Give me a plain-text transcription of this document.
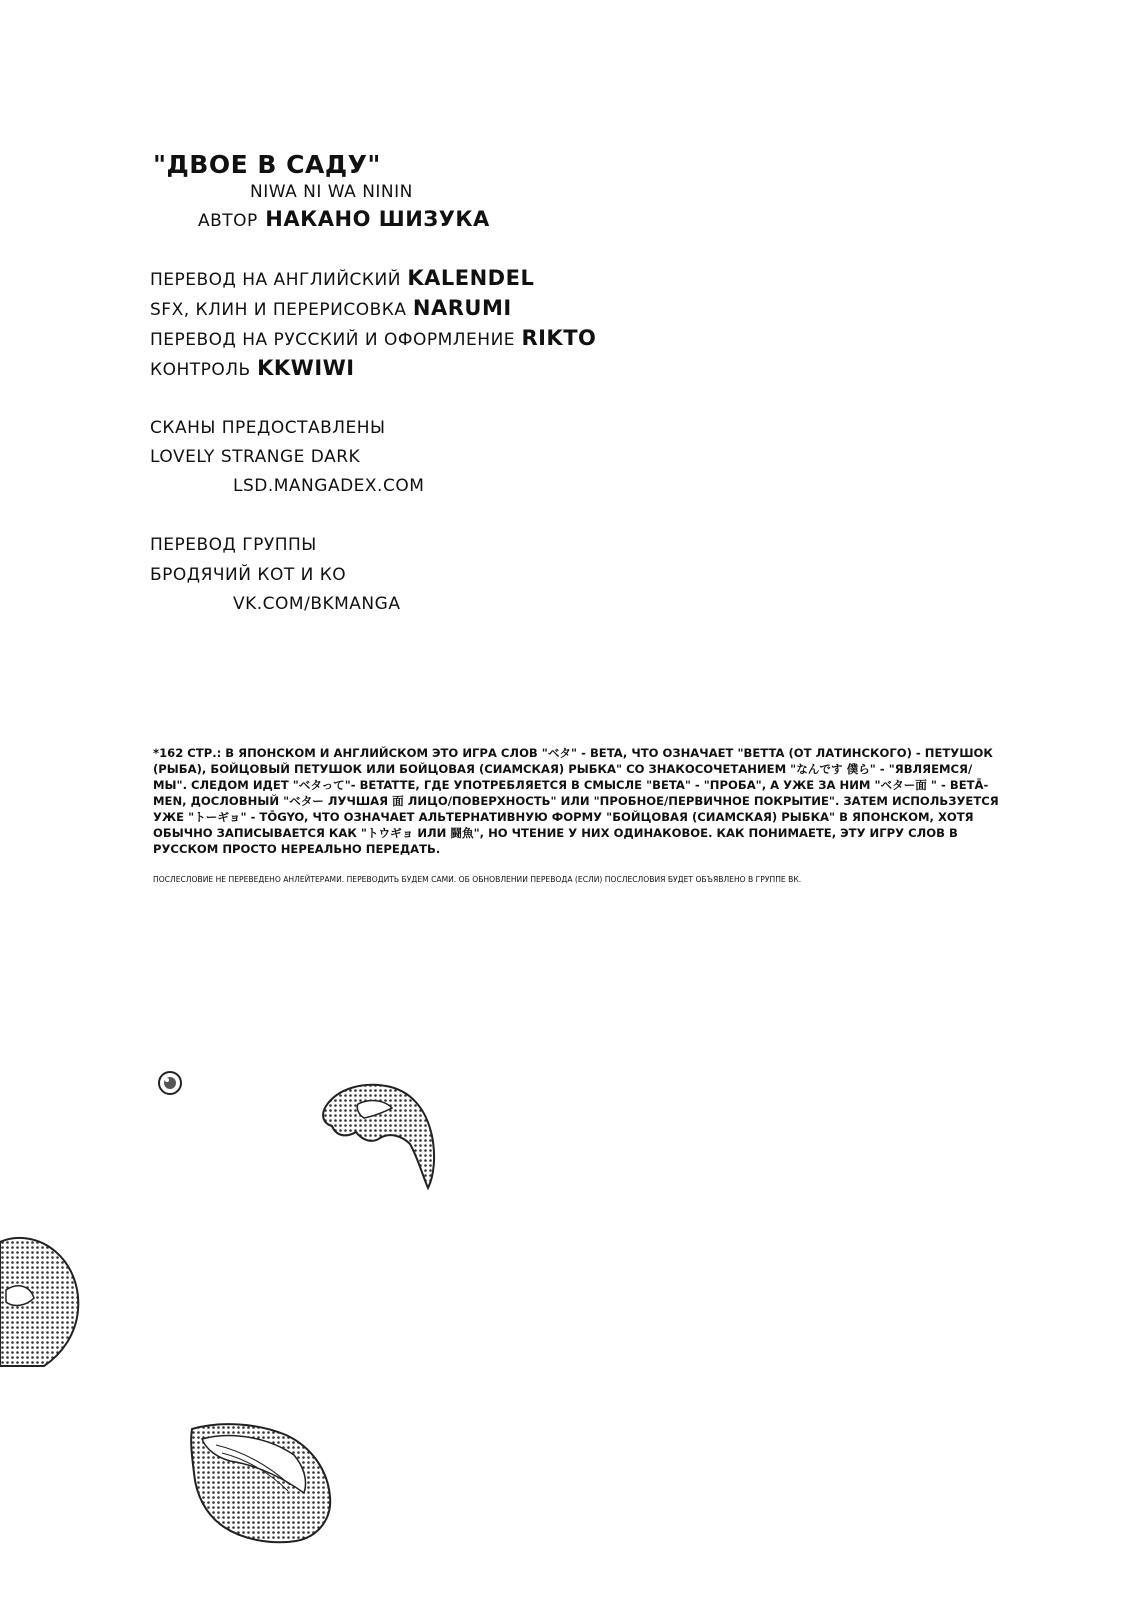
"ДВОЕ В САДУ"
NIWA NI WA NININ
АВТОР НАКАНО ШИЗУКА
ПЕРЕВОД НА АНГЛИЙСКИЙ KALENDEL
SFX, КЛИН И ПЕРЕРИСОВКА NARUMI
ПЕРЕВОД НА РУССКИЙ И ОФОРМЛЕНИЕ RIKTO
КОНТРОЛЬ KKWIWI
СКАНЫ ПРЕДОСТАВЛЕНЫ
LOVELY STRANGE DARK
LSD.MANGADEX.COM
ПЕРЕВОД ГРУППЫ
БРОДЯЧИЙ КОТ И КО
VK.COM/BKMANGA

*162 СТР.: В ЯПОНСКОМ И АНГЛИЙСКОМ ЭТО ИГРА СЛОВ "ベタ" - BETA, ЧТО ОЗНАЧАЕТ "BETTA (ОТ ЛАТИНСКОГО) - ПЕТУШОК (РЫБА), БОЙЦОВЫЙ ПЕТУШОК ИЛИ БОЙЦОВАЯ (СИАМСКАЯ) РЫБКА" СО ЗНАКОСОЧЕТАНИЕМ "なんです 僕ら" - "ЯВЛЯЕМСЯ/МЫ". СЛЕДОМ ИДЕТ "ベタって"- BETATTE, ГДЕ УПОТРЕБЛЯЕТСЯ В СМЫСЛЕ "BETA" - "ПРОБА", А УЖЕ ЗА НИМ "ベター面 " - BETĀ-MEN, ДОСЛОВНЫЙ "ベター ЛУЧШАЯ 面 ЛИЦО/ПОВЕРХНОСТЬ" ИЛИ "ПРОБНОЕ/ПЕРВИЧНОЕ ПОКРЫТИЕ". ЗАТЕМ ИСПОЛЬЗУЕТСЯ УЖЕ "トーギョ" - TŌGYO, ЧТО ОЗНАЧАЕТ АЛЬТЕРНАТИВНУЮ ФОРМУ "БОЙЦОВАЯ (СИАМСКАЯ) РЫБКА" В ЯПОНСКОМ, ХОТЯ ОБЫЧНО ЗАПИСЫВАЕТСЯ КАК "トウギョ ИЛИ 闘魚", НО ЧТЕНИЕ У НИХ ОДИНАКОВОЕ. КАК ПОНИМАЕТЕ, ЭТУ ИГРУ СЛОВ В РУССКОМ ПРОСТО НЕРЕАЛЬНО ПЕРЕДАТЬ.

ПОСЛЕСЛОВИЕ НЕ ПЕРЕВЕДЕНО АНЛЕЙТЕРАМИ. ПЕРЕВОДИТЬ БУДЕМ САМИ. ОБ ОБНОВЛЕНИИ ПЕРЕВОДА (ЕСЛИ) ПОСЛЕСЛОВИЯ БУДЕТ ОБЪЯВЛЕНО В ГРУППЕ ВК.
